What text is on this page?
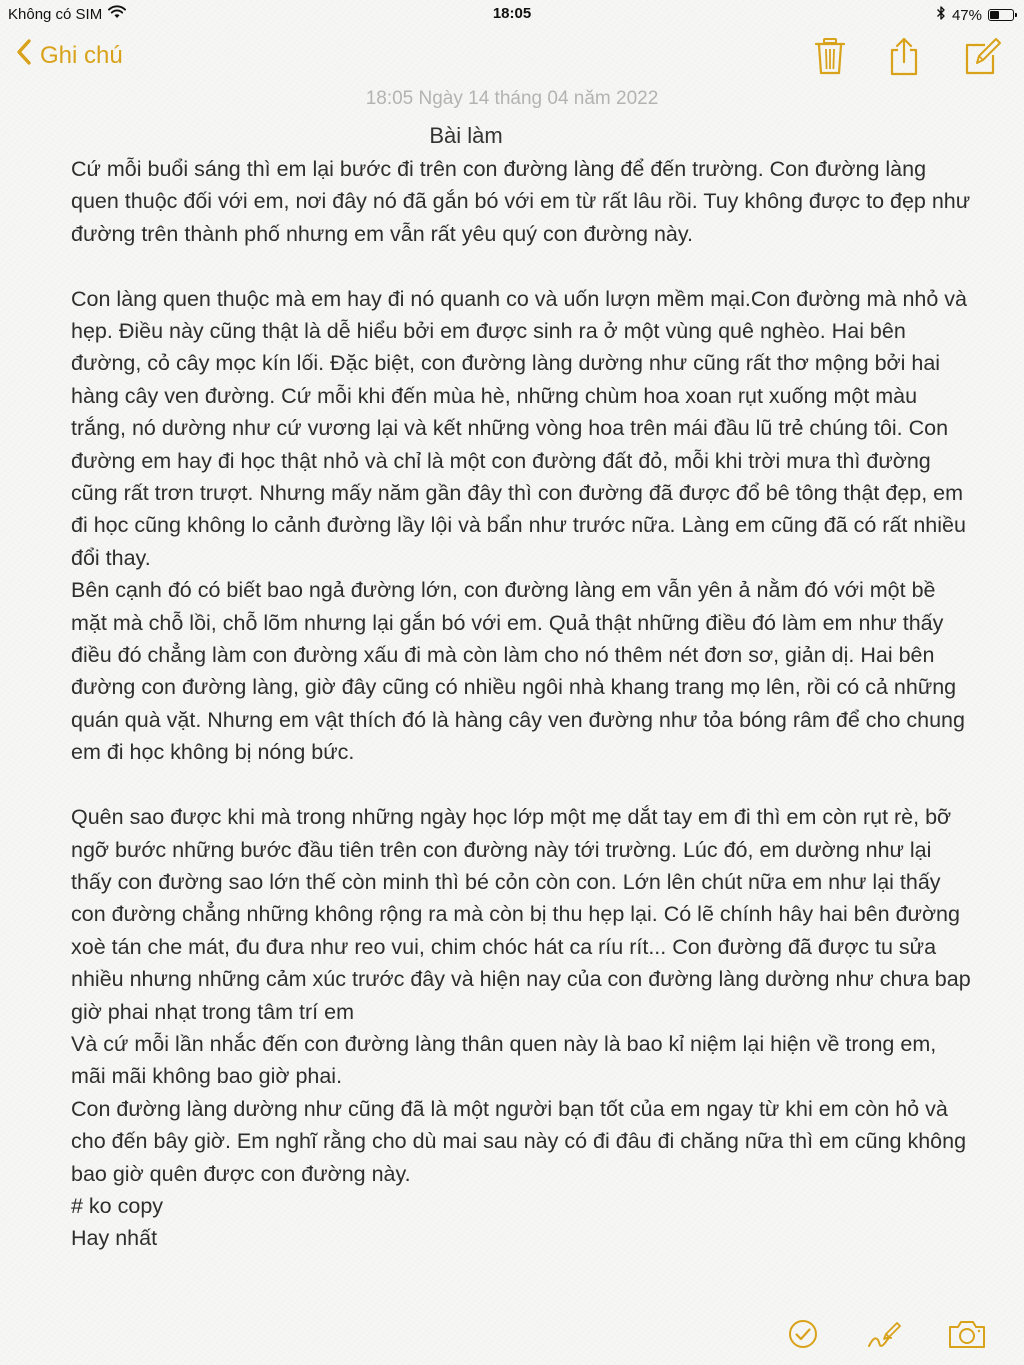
Không có SIM	18:05	47%
Ghi chú
18:05 Ngày 14 tháng 04 năm 2022
Bài làm
Cứ mỗi buổi sáng thì em lại bước đi trên con đường làng để đến trường. Con đường làng quen thuộc đối với em, nơi đây nó đã gắn bó với em từ rất lâu rồi. Tuy không được to đẹp như đường trên thành phố nhưng em vẫn rất yêu quý con đường này.
Con làng quen thuộc mà em hay đi nó quanh co và uốn lượn mềm mại.Con đường mà nhỏ và hẹp. Điều này cũng thật là dễ hiểu bởi em được sinh ra ở một vùng quê nghèo. Hai bên đường, cỏ cây mọc kín lối. Đặc biệt, con đường làng dường như cũng rất thơ mộng bởi hai hàng cây ven đường. Cứ mỗi khi đến mùa hè, những chùm hoa xoan rụt xuống một màu trắng, nó dường như cứ vương lại và kết những vòng hoa trên mái đầu lũ trẻ chúng tôi. Con đường em hay đi học thật nhỏ và chỉ là một con đường đất đỏ, mỗi khi trời mưa thì đường cũng rất trơn trượt. Nhưng mấy năm gần đây thì con đường đã được đổ bê tông thật đẹp, em đi học cũng không lo cảnh đường lầy lội và bẩn như trước nữa. Làng em cũng đã có rất nhiều đổi thay.
Bên cạnh đó có biết bao ngả đường lớn, con đường làng em vẫn yên ả nằm đó với một bề mặt mà chỗ lồi, chỗ lõm nhưng lại gắn bó với em. Quả thật những điều đó làm em như thấy điều đó chẳng làm con đường xấu đi mà còn làm cho nó thêm nét đơn sơ, giản dị. Hai bên đường con đường làng, giờ đây cũng có nhiều ngôi nhà khang trang mọ lên, rồi có cả những quán quà vặt. Nhưng em vật thích đó là hàng cây ven đường như tỏa bóng râm để cho chung em đi học không bị nóng bức.
Quên sao được khi mà trong những ngày học lớp một mẹ dắt tay em đi thì em còn rụt rè, bỡ ngỡ bước những bước đầu tiên trên con đường này tới trường. Lúc đó, em dường như lại thấy con đường sao lớn thế còn minh thì bé cỏn còn con. Lớn lên chút nữa em như lại thấy con đường chẳng những không rộng ra mà còn bị thu hẹp lại. Có lẽ chính hây hai bên đường xoè tán che mát, đu đưa như reo vui, chim chóc hát ca ríu rít... Con đường đã được tu sửa nhiều nhưng những cảm xúc trước đây và hiện nay của con đường làng dường như chưa bap giờ phai nhạt trong tâm trí em
Và cứ mỗi lần nhắc đến con đường làng thân quen này là bao kỉ niệm lại hiện về trong em, mãi mãi không bao giờ phai.
Con đường làng dường như cũng đã là một người bạn tốt của em ngay từ khi em còn hỏ và cho đến bây giờ. Em nghĩ rằng cho dù mai sau này có đi đâu đi chăng nữa thì em cũng không bao giờ quên được con đường này.
# ko copy
Hay nhất
